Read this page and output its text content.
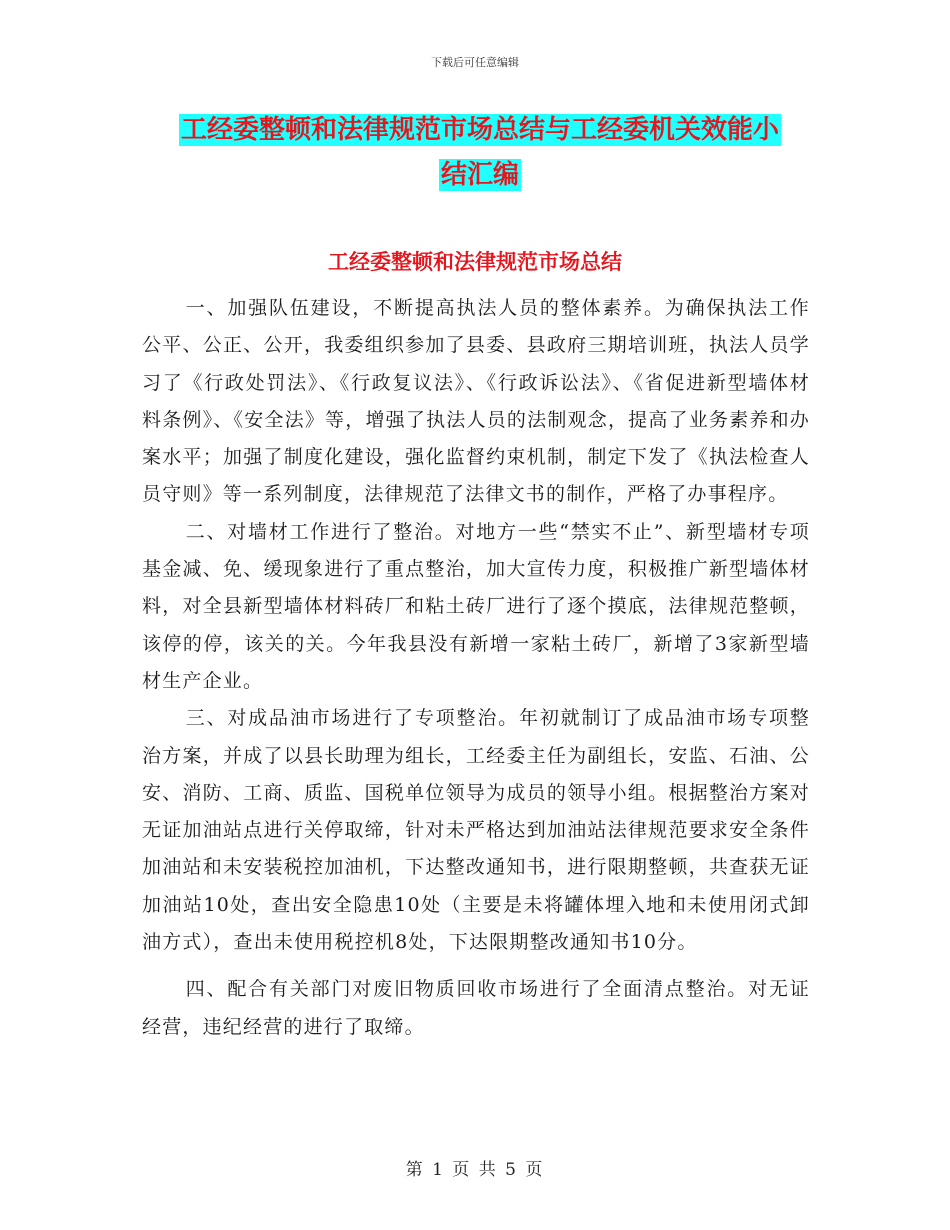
下载后可任意编辑
工经委整顿和法律规范市场总结与工经委机关效能小
结汇编
工经委整顿和法律规范市场总结

一、加强队伍建设，不断提高执法人员的整体素养。为确保执法工作公平、公正、公开，我委组织参加了县委、县政府三期培训班，执法人员学习了《行政处罚法》、《行政复议法》、《行政诉讼法》、《省促进新型墙体材料条例》、《安全法》等，增强了执法人员的法制观念，提高了业务素养和办案水平；加强了制度化建设，强化监督约束机制，制定下发了《执法检查人员守则》等一系列制度，法律规范了法律文书的制作，严格了办事程序。

二、对墙材工作进行了整治。对地方一些“禁实不止”、新型墙材专项基金减、免、缓现象进行了重点整治，加大宣传力度，积极推广新型墙体材料，对全县新型墙体材料砖厂和粘土砖厂进行了逐个摸底，法律规范整顿，该停的停，该关的关。今年我县没有新增一家粘土砖厂，新增了3家新型墙材生产企业。

三、对成品油市场进行了专项整治。年初就制订了成品油市场专项整治方案，并成了以县长助理为组长，工经委主任为副组长，安监、石油、公安、消防、工商、质监、国税单位领导为成员的领导小组。根据整治方案对无证加油站点进行关停取缔，针对未严格达到加油站法律规范要求安全条件加油站和未安装税控加油机，下达整改通知书，进行限期整顿，共查获无证加油站10处，查出安全隐患10处（主要是未将罐体埋入地和未使用闭式卸油方式），查出未使用税控机8处，下达限期整改通知书10分。

四、配合有关部门对废旧物质回收市场进行了全面清点整治。对无证经营，违纪经营的进行了取缔。

第 1 页 共 5 页
